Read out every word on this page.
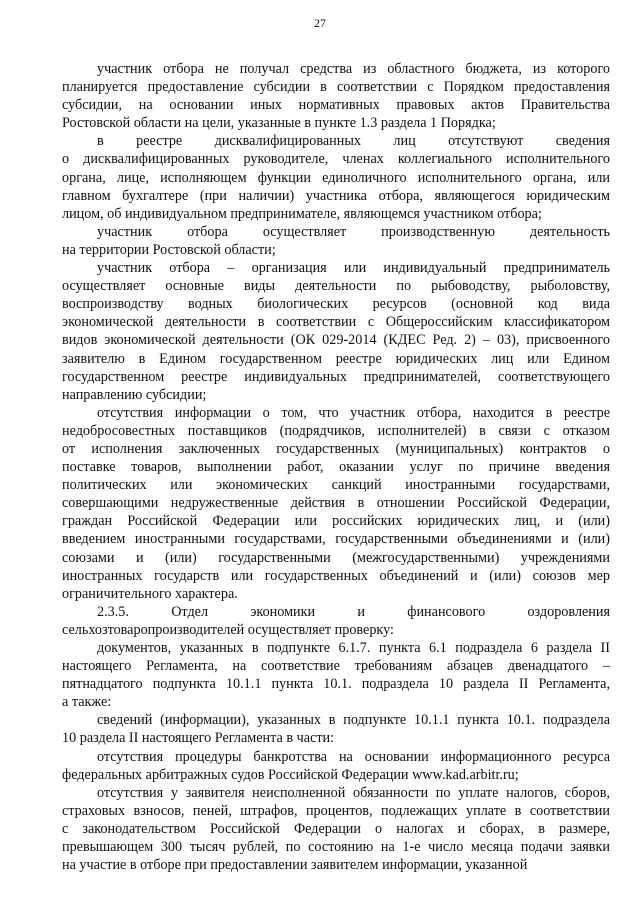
27

участник отбора не получал средства из областного бюджета, из которого
планируется предоставление субсидии в соответствии с Порядком предоставления
субсидии, на основании иных нормативных правовых актов Правительства
Ростовской области на цели, указанные в пункте 1.3 раздела 1 Порядка;

в реестре дисквалифицированных лиц отсутствуют сведения
о дисквалифицированных руководителе, членах коллегиального исполнительного
органа, лице, исполняющем функции единоличного исполнительного органа, или
главном бухгалтере (при наличии) участника отбора, являющегося юридическим
лицом, об индивидуальном предпринимателе, являющемся участником отбора;

участник отбора осуществляет производственную деятельность
на территории Ростовской области;

участник отбора – организация или индивидуальный предприниматель
осуществляет основные виды деятельности по рыбоводству, рыболовству,
воспроизводству водных биологических ресурсов (основной код вида
экономической деятельности в соответствии с Общероссийским классификатором
видов экономической деятельности (ОК 029-2014 (КДЕС Ред. 2) – 03), присвоенного
заявителю в Едином государственном реестре юридических лиц или Едином
государственном реестре индивидуальных предпринимателей, соответствующего
направлению субсидии;

отсутствия информации о том, что участник отбора, находится в реестре
недобросовестных поставщиков (подрядчиков, исполнителей) в связи с отказом
от исполнения заключенных государственных (муниципальных) контрактов о
поставке товаров, выполнении работ, оказании услуг по причине введения
политических или экономических санкций иностранными государствами,
совершающими недружественные действия в отношении Российской Федерации,
граждан Российской Федерации или российских юридических лиц, и (или)
введением иностранными государствами, государственными объединениями и (или)
союзами и (или) государственными (межгосударственными) учреждениями
иностранных государств или государственных объединений и (или) союзов мер
ограничительного характера.

2.3.5. Отдел экономики и финансового оздоровления
сельхозтоваропроизводителей осуществляет проверку:

документов, указанных в подпункте 6.1.7. пункта 6.1 подраздела 6 раздела II
настоящего Регламента, на соответствие требованиям абзацев двенадцатого –
пятнадцатого подпункта 10.1.1 пункта 10.1. подраздела 10 раздела II Регламента,
а также:

сведений (информации), указанных в подпункте 10.1.1 пункта 10.1. подраздела
10 раздела II настоящего Регламента в части:

отсутствия процедуры банкротства на основании информационного ресурса
федеральных арбитражных судов Российской Федерации www.kad.arbitr.ru;

отсутствия у заявителя неисполненной обязанности по уплате налогов, сборов,
страховых взносов, пеней, штрафов, процентов, подлежащих уплате в соответствии
с законодательством Российской Федерации о налогах и сборах, в размере,
превышающем 300 тысяч рублей, по состоянию на 1-е число месяца подачи заявки
на участие в отборе при предоставлении заявителем информации, указанной
